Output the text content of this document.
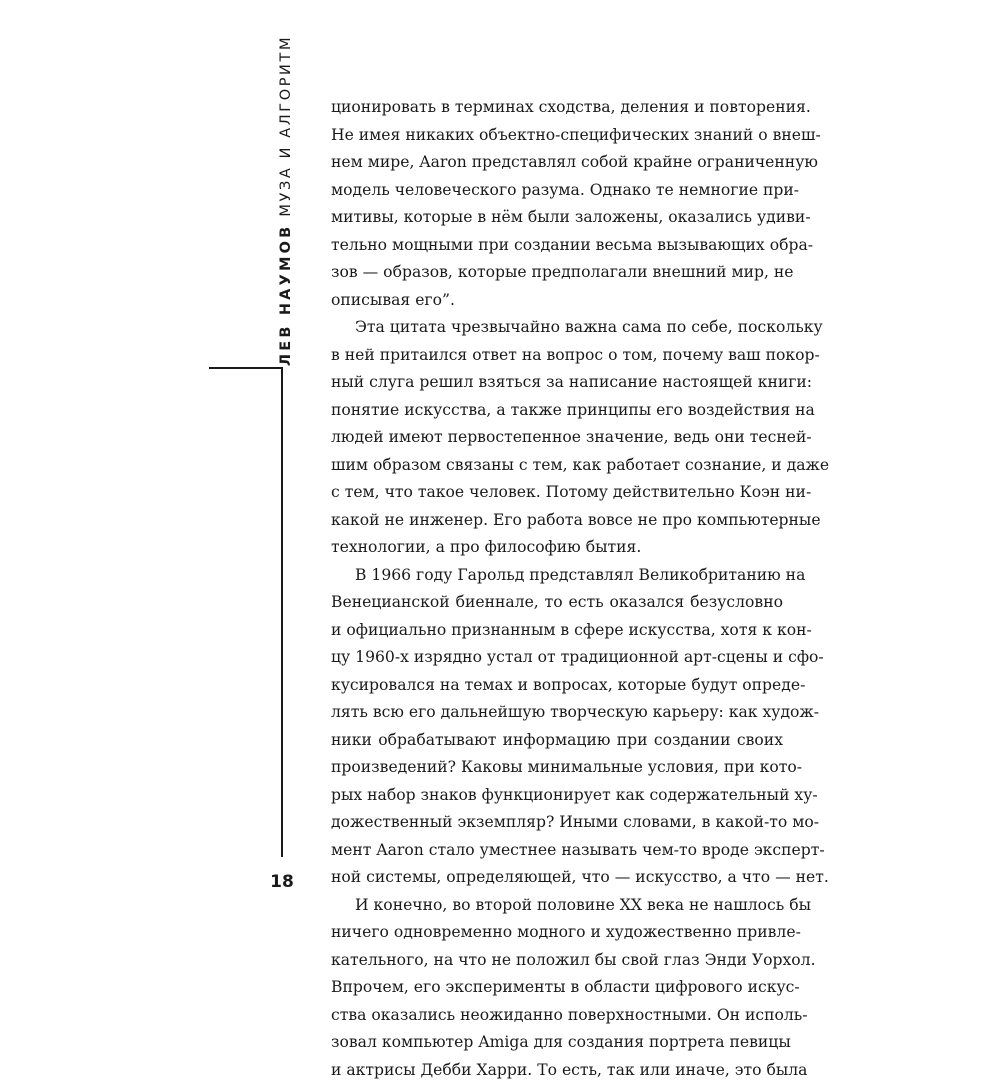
ЛЕВ НАУМОВ
МУЗА И АЛГОРИТМ
18
ционировать в терминах сходства, деления и повторения.
Не имея никаких объектно-специфических знаний о внеш-
нем мире, Aaron представлял собой крайне ограниченную
модель человеческого разума. Однако те немногие при-
митивы, которые в нём были заложены, оказались удиви-
тельно мощными при создании весьма вызывающих обра-
зов — образов, которые предполагали внешний мир, не
описывая его”.
Эта цитата чрезвычайно важна сама по себе, поскольку
в ней притаился ответ на вопрос о том, почему ваш покор-
ный слуга решил взяться за написание настоящей книги:
понятие искусства, а также принципы его воздействия на
людей имеют первостепенное значение, ведь они тесней-
шим образом связаны с тем, как работает сознание, и даже
с тем, что такое человек. Потому действительно Коэн ни-
какой не инженер. Его работа вовсе не про компьютерные
технологии, а про философию бытия.
В 1966 году Гарольд представлял Великобританию на
Венецианской биеннале, то есть оказался безусловно
и официально признанным в сфере искусства, хотя к кон-
цу 1960-х изрядно устал от традиционной арт-сцены и сфо-
кусировался на темах и вопросах, которые будут опреде-
лять всю его дальнейшую творческую карьеру: как худож-
ники обрабатывают информацию при создании своих
произведений? Каковы минимальные условия, при кото-
рых набор знаков функционирует как содержательный ху-
дожественный экземпляр? Иными словами, в какой-то мо-
мент Aaron стало уместнее называть чем-то вроде эксперт-
ной системы, определяющей, что — искусство, а что — нет.
И конечно, во второй половине XX века не нашлось бы
ничего одновременно модного и художественно привле-
кательного, на что не положил бы свой глаз Энди Уорхол.
Впрочем, его эксперименты в области цифрового искус-
ства оказались неожиданно поверхностными. Он исполь-
зовал компьютер Amiga для создания портрета певицы
и актрисы Дебби Харри. То есть, так или иначе, это была
